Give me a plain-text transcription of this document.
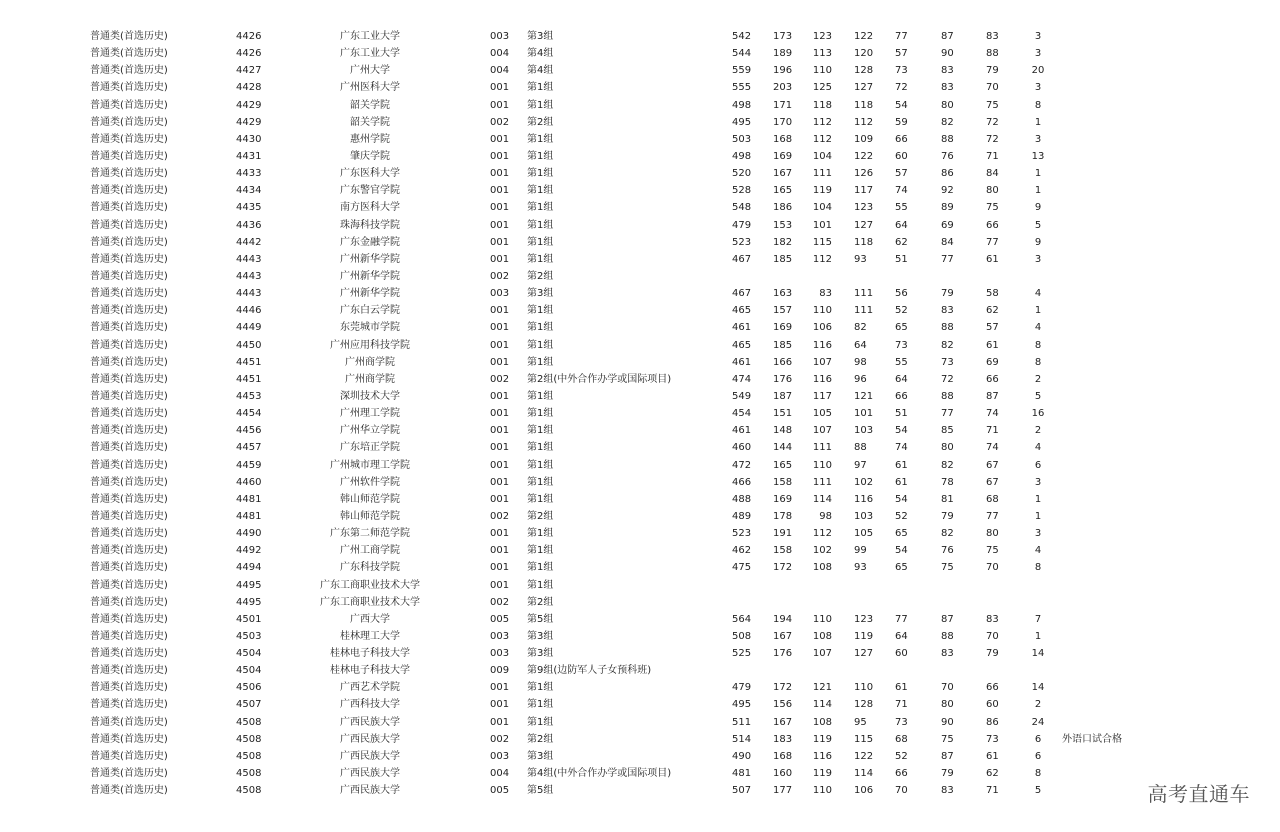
普通类(首选历史)	4426	广东工业大学	003 第3组	542 173	123 122 77	87	83	3
普通类(首选历史)	4426	广东工业大学	004 第4组	544 189	113 120 57	90	88	3
普通类(首选历史)	4427	广州大学	004 第4组	559 196	110 128 73	83	79	20
普通类(首选历史)	4428	广州医科大学	001 第1组	555 203	125 127 72	83	70	3
普通类(首选历史)	4429	韶关学院	001 第1组	498 171	118 118 54	80	75	8
普通类(首选历史)	4429	韶关学院	002 第2组	495 170	112 112 59	82	72	1
普通类(首选历史)	4430	惠州学院	001 第1组	503 168	112 109 66	88	72	3
普通类(首选历史)	4431	肇庆学院	001 第1组	498 169	104 122 60	76	71	13
普通类(首选历史)	4433	广东医科大学	001 第1组	520 167	111 126 57	86	84	1
普通类(首选历史)	4434	广东警官学院	001 第1组	528 165	119 117 74	92	80	1
普通类(首选历史)	4435	南方医科大学	001 第1组	548 186	104 123 55	89	75	9
普通类(首选历史)	4436	珠海科技学院	001 第1组	479 153	101 127 64	69	66	5
普通类(首选历史)	4442	广东金融学院	001 第1组	523 182	115 118 62	84	77	9
普通类(首选历史)	4443	广州新华学院	001 第1组	467 185	112 93	51	77	61	3
普通类(首选历史)	4443	广州新华学院	002 第2组
普通类(首选历史)	4443	广州新华学院	003 第3组	467 163	83 111 56	79	58	4
普通类(首选历史)	4446	广东白云学院	001 第1组	465 157	110 111 52	83	62	1
普通类(首选历史)	4449	东莞城市学院	001 第1组	461 169	106 82	65	88	57	4
普通类(首选历史)	4450	广州应用科技学院	001 第1组	465 185	116 64	73	82	61	8
普通类(首选历史)	4451	广州商学院	001 第1组	461 166	107 98	55	73	69	8
普通类(首选历史)	4451	广州商学院	002 第2组(中外合作办学或国际项目)	474 176	116 96	64	72	66	2
普通类(首选历史)	4453	深圳技术大学	001 第1组	549 187	117 121 66	88	87	5
普通类(首选历史)	4454	广州理工学院	001 第1组	454 151	105 101 51	77	74	16
普通类(首选历史)	4456	广州华立学院	001 第1组	461 148	107 103 54	85	71	2
普通类(首选历史)	4457	广东培正学院	001 第1组	460 144	111 88	74	80	74	4
普通类(首选历史)	4459	广州城市理工学院	001 第1组	472 165	110 97	61	82	67	6
普通类(首选历史)	4460	广州软件学院	001 第1组	466 158	111 102 61	78	67	3
普通类(首选历史)	4481	韩山师范学院	001 第1组	488 169	114 116 54	81	68	1
普通类(首选历史)	4481	韩山师范学院	002 第2组	489 178	98 103 52	79	77	1
普通类(首选历史)	4490	广东第二师范学院	001 第1组	523 191	112 105 65	82	80	3
普通类(首选历史)	4492	广州工商学院	001 第1组	462 158	102 99	54	76	75	4
普通类(首选历史)	4494	广东科技学院	001 第1组	475 172	108 93	65	75	70	8
普通类(首选历史)	4495	广东工商职业技术大学	001 第1组
普通类(首选历史)	4495	广东工商职业技术大学	002 第2组
普通类(首选历史)	4501	广西大学	005 第5组	564 194	110 123 77	87	83	7
普通类(首选历史)	4503	桂林理工大学	003 第3组	508 167	108 119 64	88	70	1
普通类(首选历史)	4504	桂林电子科技大学	003 第3组	525 176	107 127 60	83	79	14
普通类(首选历史)	4504	桂林电子科技大学	009 第9组(边防军人子女预科班)
普通类(首选历史)	4506	广西艺术学院	001 第1组	479 172	121 110 61	70	66	14
普通类(首选历史)	4507	广西科技大学	001 第1组	495 156	114 128 71	80	60	2
普通类(首选历史)	4508	广西民族大学	001 第1组	511 167	108 95	73	90	86	24
普通类(首选历史)	4508	广西民族大学	002 第2组	514 183	119 115 68	75	73	6	外语口试合格
普通类(首选历史)	4508	广西民族大学	003 第3组	490 168	116 122 52	87	61	6
普通类(首选历史)	4508	广西民族大学	004 第4组(中外合作办学或国际项目)	481 160	119 114 66	79	62	8
普通类(首选历史)	4508	广西民族大学	005 第5组	507 177	110 106 70	83	71	5	高考直通车
